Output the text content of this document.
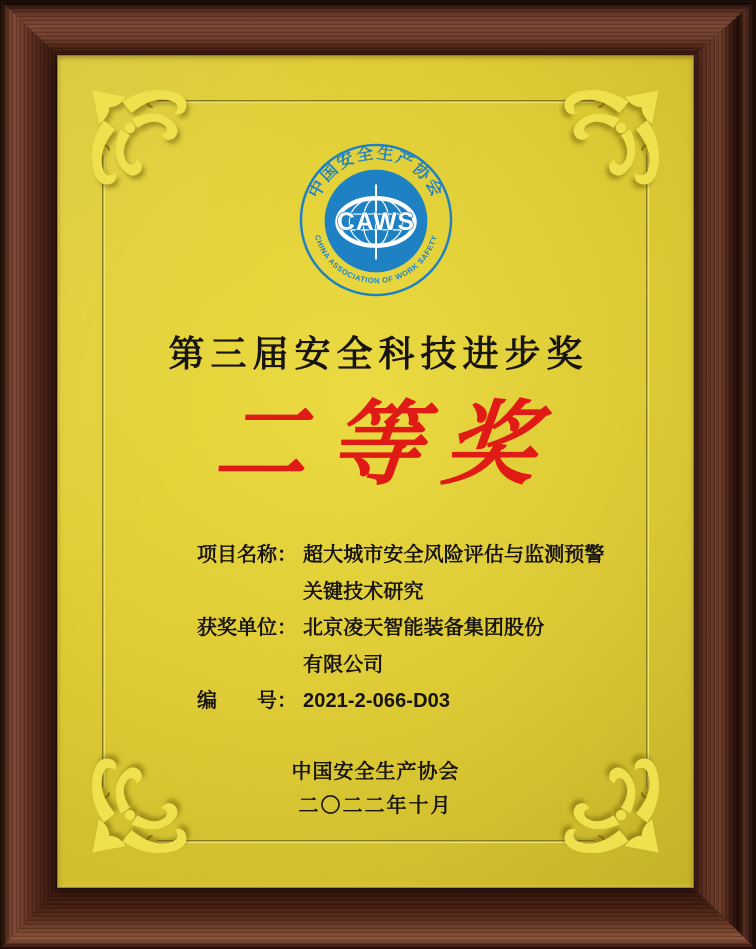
中国安全生产协会
CHINA ASSOCIATION OF WORK SAFETY
CAWS
第三届安全科技进步奖
二等奖
项目名称： 超大城市安全风险评估与监测预警
关键技术研究
获奖单位： 北京凌天智能装备集团股份
有限公司
编　　号： 2021-2-066-D03
中国安全生产协会
二〇二二年十月
